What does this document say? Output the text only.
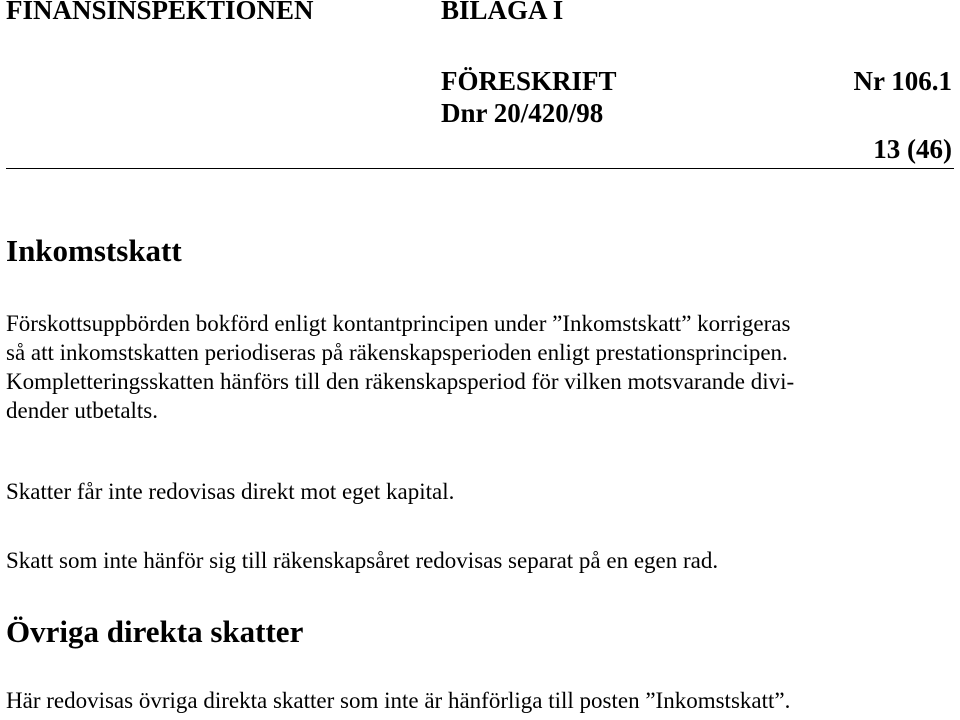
FINANSINSPEKTIONEN	BILAGA I
FÖRESKRIFT	Nr 106.1
Dnr 20/420/98
13 (46)
Inkomstskatt

Förskottsuppbörden bokförd enligt kontantprincipen under ”Inkomstskatt” korrigeras
så att inkomstskatten periodiseras på räkenskapsperioden enligt prestationsprincipen.
Kompletteringsskatten hänförs till den räkenskapsperiod för vilken motsvarande divi-
dender utbetalts.

Skatter får inte redovisas direkt mot eget kapital.

Skatt som inte hänför sig till räkenskapsåret redovisas separat på en egen rad.

Övriga direkta skatter

Här redovisas övriga direkta skatter som inte är hänförliga till posten ”Inkomstskatt”.
